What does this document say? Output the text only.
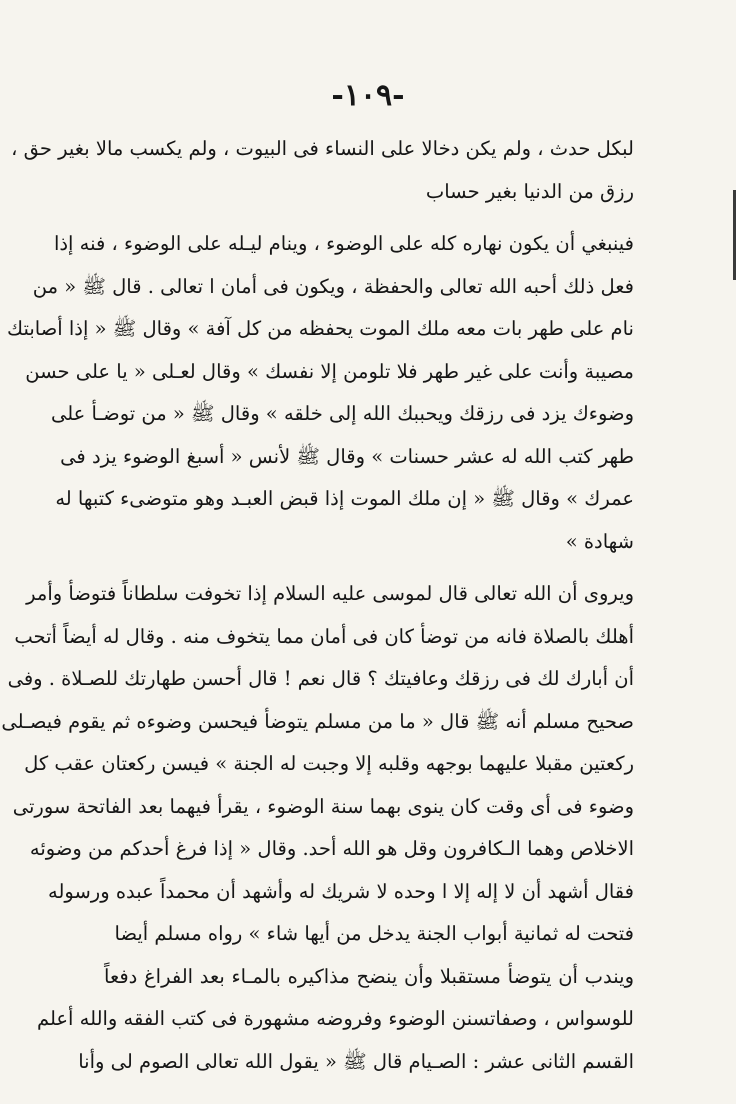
-١٠٩-
لبكل حدث ، ولم يكن دخالا على النساء فى البيوت ، ولم يكسب مالا بغير حق ،
رزق من الدنيا بغير حساب
فينبغي أن يكون نهاره كله على الوضوء ، وينام ليـله على الوضوء ، فنه إذا
فعل ذلك أحبه الله تعالى والحفظة ، ويكون فى أمان ا تعالى . قال ﷺ « من
نام على طهر بات معه ملك الموت يحفظه من كل آفة » وقال ﷺ « إذا أصابتك
مصيبة وأنت على غير طهر فلا تلومن إلا نفسك » وقال لعـلى « يا على حسن
وضوءك يزد فى رزقك ويحببك الله إلى خلقه » وقال ﷺ « من توضـأ على
طهر كتب الله له عشر حسنات » وقال ﷺ لأنس « أسبغ الوضوء يزد فى
عمرك » وقال ﷺ « إن ملك الموت إذا قبض العبـد وهو متوضىء كتبها له
شهادة »
ويروى أن الله تعالى قال لموسى عليه السلام إذا تخوفت سلطاناً فتوضأ وأمر
أهلك بالصلاة فانه من توضأ كان فى أمان مما يتخوف منه . وقال له أيضاً أتحب
أن أبارك لك فى رزقك وعافيتك ؟ قال نعم ! قال أحسن طهارتك للصـلاة . وفى
صحيح مسلم أنه ﷺ قال « ما من مسلم يتوضأ فيحسن وضوءه ثم يقوم فيصـلى
ركعتين مقبلا عليهما بوجهه وقلبه إلا وجبت له الجنة » فيسن ركعتان عقب كل
وضوء فى أى وقت كان ينوى بهما سنة الوضوء ، يقرأ فيهما بعد الفاتحة سورتى
الاخلاص وهما الـكافرون وقل هو الله أحد. وقال « إذا فرغ أحدكم من وضوئه
فقال أشهد أن لا إله إلا ا وحده لا شريك له وأشهد أن محمداً عبده ورسوله
فتحت له ثمانية أبواب الجنة يدخل من أيها شاء » رواه مسلم أيضا
ويندب أن يتوضأ مستقبلا وأن ينضح مذاكيره بالمـاء بعد الفراغ دفعاً
للوسواس ، وصفاتسنن الوضوء وفروضه مشهورة فى كتب الفقه والله أعلم
القسم الثانى عشر : الصـيام قال ﷺ « يقول الله تعالى الصوم لى وأنا
